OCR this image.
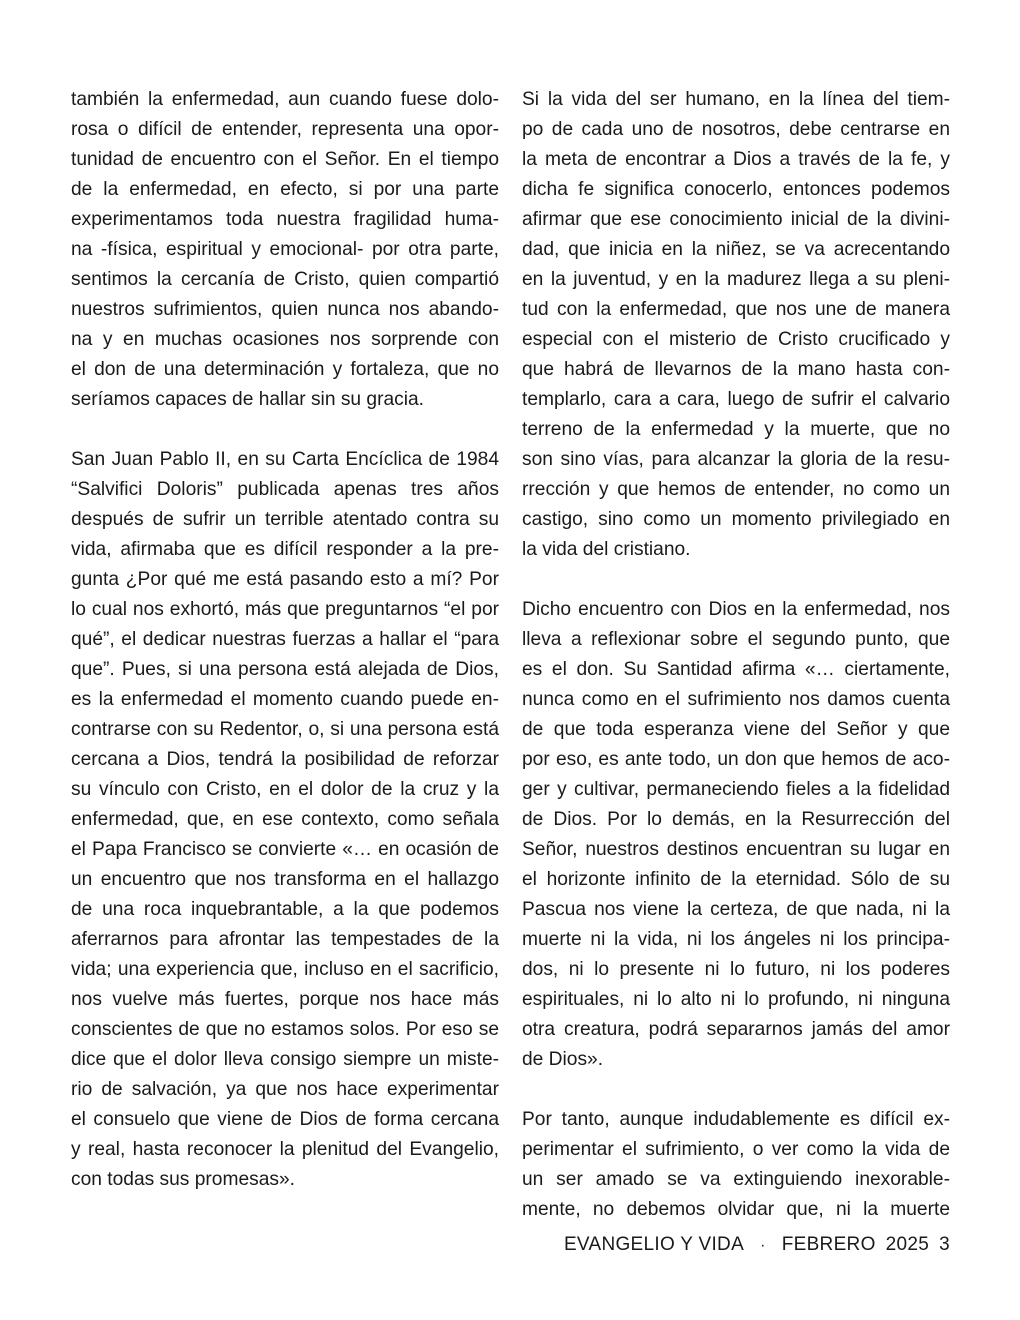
también la enfermedad, aun cuando fuese dolo-
rosa o difícil de entender, representa una opor-
tunidad de encuentro con el Señor. En el tiempo
de la enfermedad, en efecto, si por una parte
experimentamos toda nuestra fragilidad huma-
na -física, espiritual y emocional- por otra parte,
sentimos la cercanía de Cristo, quien compartió
nuestros sufrimientos, quien nunca nos abando-
na y en muchas ocasiones nos sorprende con
el don de una determinación y fortaleza, que no
seríamos capaces de hallar sin su gracia.

San Juan Pablo II, en su Carta Encíclica de 1984
“Salvifici Doloris” publicada apenas tres años
después de sufrir un terrible atentado contra su
vida, afirmaba que es difícil responder a la pre-
gunta ¿Por qué me está pasando esto a mí? Por
lo cual nos exhortó, más que preguntarnos “el por
qué”, el dedicar nuestras fuerzas a hallar el “para
que”. Pues, si una persona está alejada de Dios,
es la enfermedad el momento cuando puede en-
contrarse con su Redentor, o, si una persona está
cercana a Dios, tendrá la posibilidad de reforzar
su vínculo con Cristo, en el dolor de la cruz y la
enfermedad, que, en ese contexto, como señala
el Papa Francisco se convierte «… en ocasión de
un encuentro que nos transforma en el hallazgo
de una roca inquebrantable, a la que podemos
aferrarnos para afrontar las tempestades de la
vida; una experiencia que, incluso en el sacrificio,
nos vuelve más fuertes, porque nos hace más
conscientes de que no estamos solos. Por eso se
dice que el dolor lleva consigo siempre un miste-
rio de salvación, ya que nos hace experimentar
el consuelo que viene de Dios de forma cercana
y real, hasta reconocer la plenitud del Evangelio,
con todas sus promesas».

Si la vida del ser humano, en la línea del tiem-
po de cada uno de nosotros, debe centrarse en
la meta de encontrar a Dios a través de la fe, y
dicha fe significa conocerlo, entonces podemos
afirmar que ese conocimiento inicial de la divini-
dad, que inicia en la niñez, se va acrecentando
en la juventud, y en la madurez llega a su pleni-
tud con la enfermedad, que nos une de manera
especial con el misterio de Cristo crucificado y
que habrá de llevarnos de la mano hasta con-
templarlo, cara a cara, luego de sufrir el calvario
terreno de la enfermedad y la muerte, que no
son sino vías, para alcanzar la gloria de la resu-
rrección y que hemos de entender, no como un
castigo, sino como un momento privilegiado en
la vida del cristiano.

Dicho encuentro con Dios en la enfermedad, nos
lleva a reflexionar sobre el segundo punto, que
es el don. Su Santidad afirma «… ciertamente,
nunca como en el sufrimiento nos damos cuenta
de que toda esperanza viene del Señor y que
por eso, es ante todo, un don que hemos de aco-
ger y cultivar, permaneciendo fieles a la fidelidad
de Dios. Por lo demás, en la Resurrección del
Señor, nuestros destinos encuentran su lugar en
el horizonte infinito de la eternidad. Sólo de su
Pascua nos viene la certeza, de que nada, ni la
muerte ni la vida, ni los ángeles ni los principa-
dos, ni lo presente ni lo futuro, ni los poderes
espirituales, ni lo alto ni lo profundo, ni ninguna
otra creatura, podrá separarnos jamás del amor
de Dios».

Por tanto, aunque indudablemente es difícil ex-
perimentar el sufrimiento, o ver como la vida de
un ser amado se va extinguiendo inexorable-
mente, no debemos olvidar que, ni la muerte

EVANGELIO Y VIDA · FEBRERO 2025 3
